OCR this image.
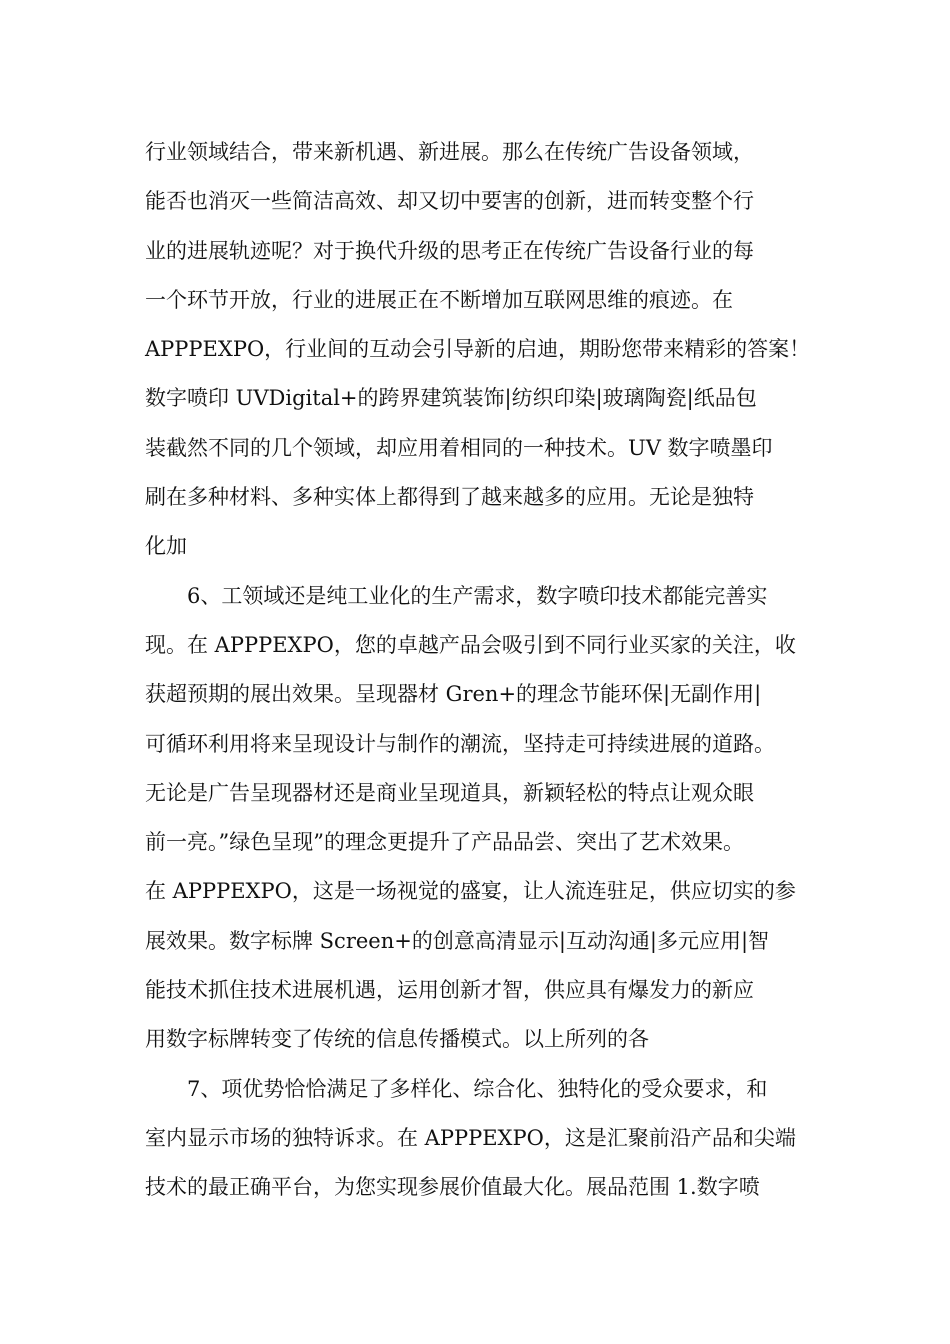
行业领域结合，带来新机遇、新进展。那么在传统广告设备领域，
能否也消灭一些简洁高效、却又切中要害的创新，进而转变整个行
业的进展轨迹呢？对于换代升级的思考正在传统广告设备行业的每
一个环节开放，行业的进展正在不断增加互联网思维的痕迹。在
APPPEXPO，行业间的互动会引导新的启迪，期盼您带来精彩的答案！
数字喷印 UVDigital+的跨界建筑装饰|纺织印染|玻璃陶瓷|纸品包
装截然不同的几个领域，却应用着相同的一种技术。UV 数字喷墨印
刷在多种材料、多种实体上都得到了越来越多的应用。无论是独特
化加
6、工领域还是纯工业化的生产需求，数字喷印技术都能完善实
现。在 APPPEXPO，您的卓越产品会吸引到不同行业买家的关注，收
获超预期的展出效果。呈现器材 Gren+的理念节能环保|无副作用|
可循环利用将来呈现设计与制作的潮流，坚持走可持续进展的道路。
无论是广告呈现器材还是商业呈现道具，新颖轻松的特点让观众眼
前一亮。”绿色呈现”的理念更提升了产品品尝、突出了艺术效果。
在 APPPEXPO，这是一场视觉的盛宴，让人流连驻足，供应切实的参
展效果。数字标牌 Screen+的创意高清显示|互动沟通|多元应用|智
能技术抓住技术进展机遇，运用创新才智，供应具有爆发力的新应
用数字标牌转变了传统的信息传播模式。以上所列的各
7、项优势恰恰满足了多样化、综合化、独特化的受众要求，和
室内显示市场的独特诉求。在 APPPEXPO，这是汇聚前沿产品和尖端
技术的最正确平台，为您实现参展价值最大化。展品范围 1.数字喷
